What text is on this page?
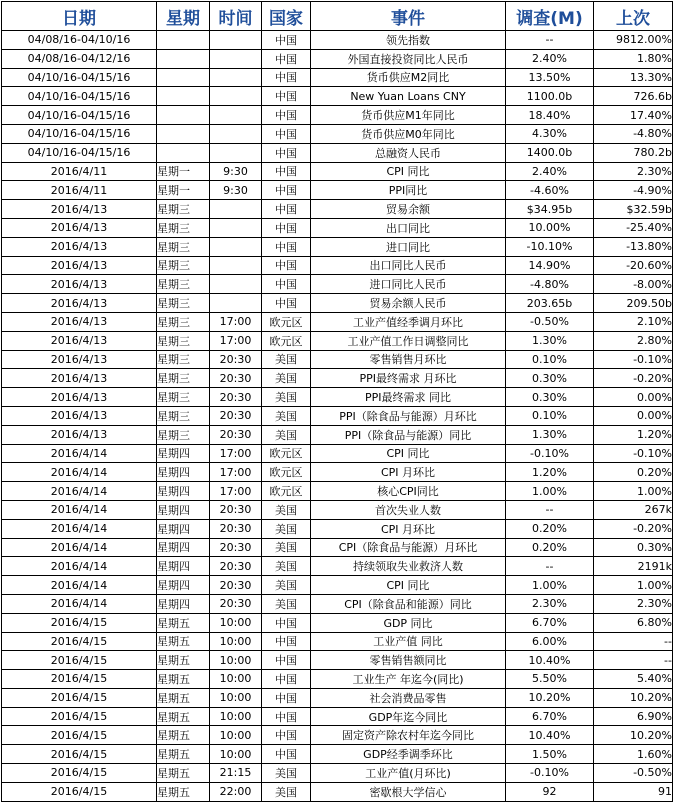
日期	星期	时间	国家	事件	调查(M)	上次
04/08/16-04/10/16			中国	领先指数	--	9812.00%
04/08/16-04/12/16			中国	外国直接投资同比人民币	2.40%	1.80%
04/10/16-04/15/16			中国	货币供应M2同比	13.50%	13.30%
04/10/16-04/15/16			中国	New Yuan Loans CNY	1100.0b	726.6b
04/10/16-04/15/16			中国	货币供应M1年同比	18.40%	17.40%
04/10/16-04/15/16			中国	货币供应M0年同比	4.30%	-4.80%
04/10/16-04/15/16			中国	总融资人民币	1400.0b	780.2b
2016/4/11	星期一	9:30	中国	CPI 同比	2.40%	2.30%
2016/4/11	星期一	9:30	中国	PPI同比	-4.60%	-4.90%
2016/4/13	星期三		中国	贸易余额	$34.95b	$32.59b
2016/4/13	星期三		中国	出口同比	10.00%	-25.40%
2016/4/13	星期三		中国	进口同比	-10.10%	-13.80%
2016/4/13	星期三		中国	出口同比人民币	14.90%	-20.60%
2016/4/13	星期三		中国	进口同比人民币	-4.80%	-8.00%
2016/4/13	星期三		中国	贸易余额人民币	203.65b	209.50b
2016/4/13	星期三	17:00	欧元区	工业产值经季调月环比	-0.50%	2.10%
2016/4/13	星期三	17:00	欧元区	工业产值工作日调整同比	1.30%	2.80%
2016/4/13	星期三	20:30	美国	零售销售月环比	0.10%	-0.10%
2016/4/13	星期三	20:30	美国	PPI最终需求 月环比	0.30%	-0.20%
2016/4/13	星期三	20:30	美国	PPI最终需求 同比	0.30%	0.00%
2016/4/13	星期三	20:30	美国	PPI（除食品与能源）月环比	0.10%	0.00%
2016/4/13	星期三	20:30	美国	PPI（除食品与能源）同比	1.30%	1.20%
2016/4/14	星期四	17:00	欧元区	CPI 同比	-0.10%	-0.10%
2016/4/14	星期四	17:00	欧元区	CPI 月环比	1.20%	0.20%
2016/4/14	星期四	17:00	欧元区	核心CPI同比	1.00%	1.00%
2016/4/14	星期四	20:30	美国	首次失业人数	--	267k
2016/4/14	星期四	20:30	美国	CPI 月环比	0.20%	-0.20%
2016/4/14	星期四	20:30	美国	CPI（除食品与能源）月环比	0.20%	0.30%
2016/4/14	星期四	20:30	美国	持续领取失业救济人数	--	2191k
2016/4/14	星期四	20:30	美国	CPI 同比	1.00%	1.00%
2016/4/14	星期四	20:30	美国	CPI（除食品和能源）同比	2.30%	2.30%
2016/4/15	星期五	10:00	中国	GDP 同比	6.70%	6.80%
2016/4/15	星期五	10:00	中国	工业产值 同比	6.00%	--
2016/4/15	星期五	10:00	中国	零售销售额同比	10.40%	--
2016/4/15	星期五	10:00	中国	工业生产 年迄今(同比)	5.50%	5.40%
2016/4/15	星期五	10:00	中国	社会消费品零售	10.20%	10.20%
2016/4/15	星期五	10:00	中国	GDP年迄今同比	6.70%	6.90%
2016/4/15	星期五	10:00	中国	固定资产除农村年迄今同比	10.40%	10.20%
2016/4/15	星期五	10:00	中国	GDP经季调季环比	1.50%	1.60%
2016/4/15	星期五	21:15	美国	工业产值(月环比)	-0.10%	-0.50%
2016/4/15	星期五	22:00	美国	密歇根大学信心	92	91
